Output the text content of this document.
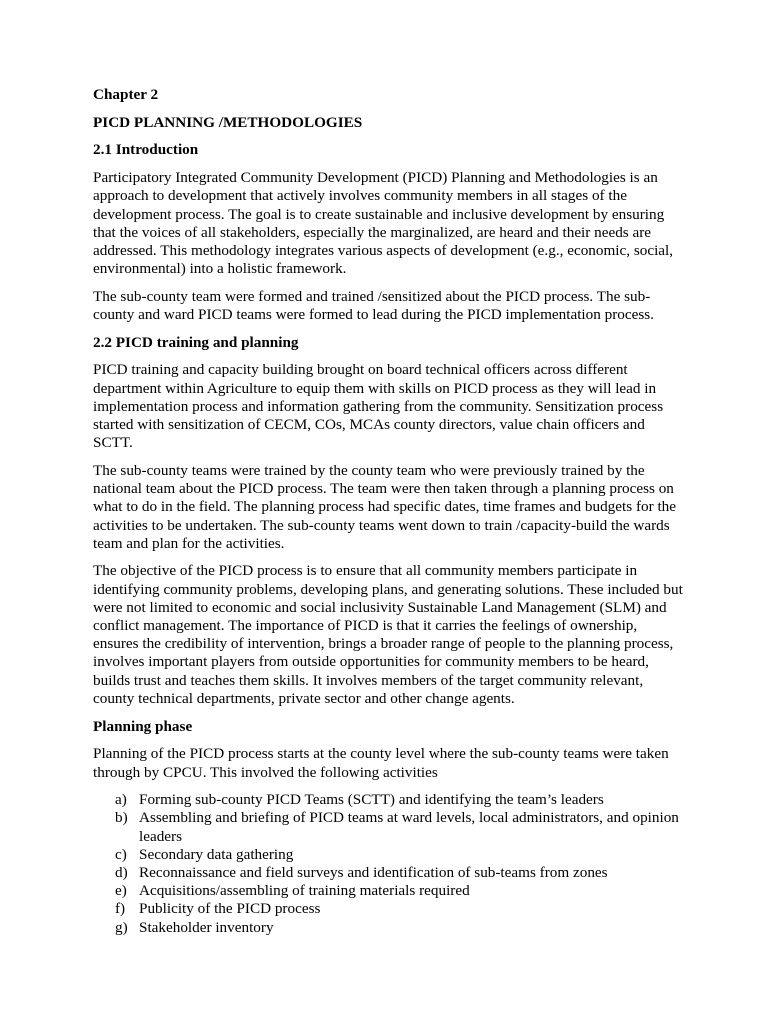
Chapter 2
PICD PLANNING /METHODOLOGIES
2.1 Introduction

Participatory Integrated Community Development (PICD) Planning and Methodologies is an approach to development that actively involves community members in all stages of the development process. The goal is to create sustainable and inclusive development by ensuring that the voices of all stakeholders, especially the marginalized, are heard and their needs are addressed. This methodology integrates various aspects of development (e.g., economic, social, environmental) into a holistic framework.

The sub-county team were formed and trained /sensitized about the PICD process. The sub-county and ward PICD teams were formed to lead during the PICD implementation process.

2.2 PICD training and planning

PICD training and capacity building brought on board technical officers across different department within Agriculture to equip them with skills on PICD process as they will lead in implementation process and information gathering from the community. Sensitization process started with sensitization of CECM, COs, MCAs county directors, value chain officers and SCTT.

The sub-county teams were trained by the county team who were previously trained by the national team about the PICD process. The team were then taken through a planning process on what to do in the field. The planning process had specific dates, time frames and budgets for the activities to be undertaken. The sub-county teams went down to train /capacity-build the wards team and plan for the activities.

The objective of the PICD process is to ensure that all community members participate in identifying community problems, developing plans, and generating solutions. These included but were not limited to economic and social inclusivity Sustainable Land Management (SLM) and conflict management. The importance of PICD is that it carries the feelings of ownership, ensures the credibility of intervention, brings a broader range of people to the planning process, involves important players from outside opportunities for community members to be heard, builds trust and teaches them skills. It involves members of the target community relevant, county technical departments, private sector and other change agents.

Planning phase

Planning of the PICD process starts at the county level where the sub-county teams were taken through by CPCU. This involved the following activities

a) Forming sub-county PICD Teams (SCTT) and identifying the team’s leaders
b) Assembling and briefing of PICD teams at ward levels, local administrators, and opinion leaders
c) Secondary data gathering
d) Reconnaissance and field surveys and identification of sub-teams from zones
e) Acquisitions/assembling of training materials required
f) Publicity of the PICD process
g) Stakeholder inventory
